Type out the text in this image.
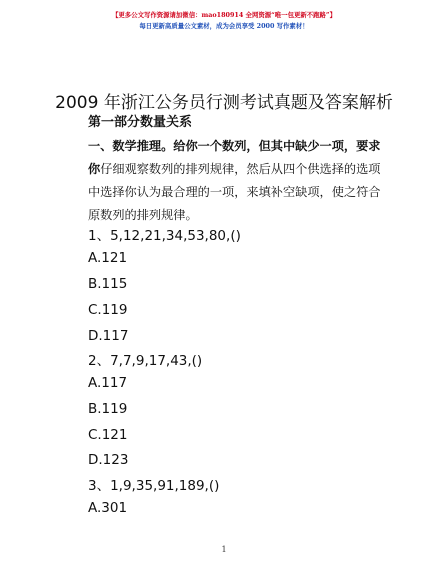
【更多公文写作资源请加微信：mao180914 全网资源“唯一包更新不跑路”】
每日更新高质量公文素材，成为会员享受 2000 写作素材！
2009 年浙江公务员行测考试真题及答案解析
第一部分数量关系
一、数学推理。给你一个数列，但其中缺少一项，要求你仔细观察数列的排列规律，然后从四个供选择的选项中选择你认为最合理的一项，来填补空缺项，使之符合原数列的排列规律。
1、5,12,21,34,53,80,()
A.121
B.115
C.119
D.117
2、7,7,9,17,43,()
A.117
B.119
C.121
D.123
3、1,9,35,91,189,()
A.301
1
